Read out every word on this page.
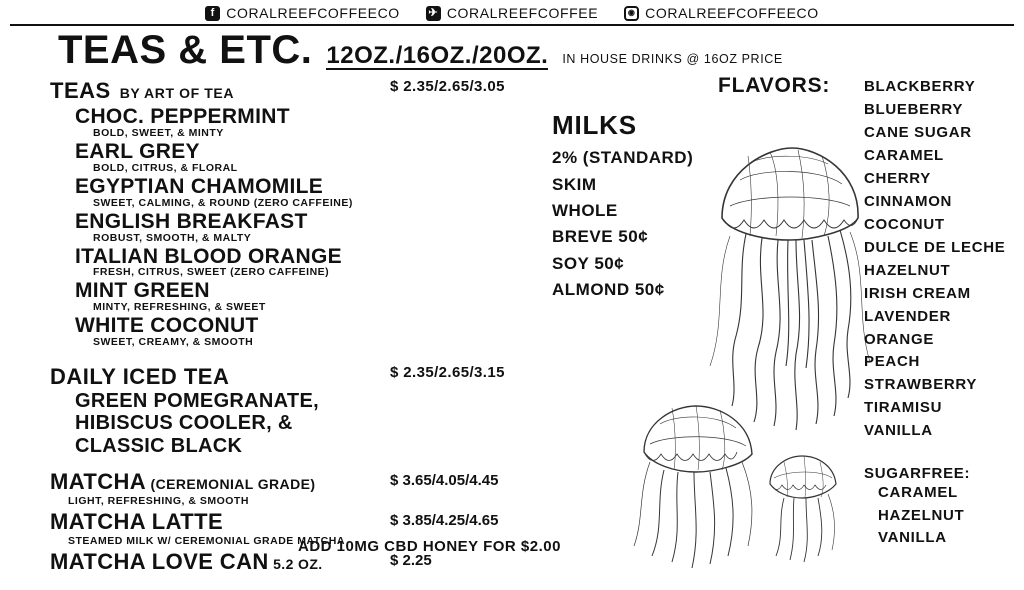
f CORALREEFCOFFEECO	✈ CORALREEFCOFFEE	◉ CORALREEFCOFFEECO
TEAS & ETC. 12OZ./16OZ./20OZ. IN HOUSE DRINKS @ 16OZ PRICE
TEAS BY ART OF TEA	$ 2.35/2.65/3.05
CHOC. PEPPERMINT
BOLD, SWEET, & MINTY
EARL GREY
BOLD, CITRUS, & FLORAL
EGYPTIAN CHAMOMILE
SWEET, CALMING, & ROUND (ZERO CAFFEINE)
ENGLISH BREAKFAST
ROBUST, SMOOTH, & MALTY
ITALIAN BLOOD ORANGE
FRESH, CITRUS, SWEET (ZERO CAFFEINE)
MINT GREEN
MINTY, REFRESHING, & SWEET
WHITE COCONUT
SWEET, CREAMY, & SMOOTH
DAILY ICED TEA	$ 2.35/2.65/3.15
GREEN POMEGRANATE,
HIBISCUS COOLER, &
CLASSIC BLACK
MATCHA (CEREMONIAL GRADE)	$ 3.65/4.05/4.45
LIGHT, REFRESHING, & SMOOTH
MATCHA LATTE	$ 3.85/4.25/4.65
STEAMED MILK W/ CEREMONIAL GRADE MATCHA
MATCHA LOVE CAN 5.2 OZ.	$ 2.25
ADD 10MG CBD HONEY FOR $2.00
MILKS
2% (STANDARD)
SKIM
WHOLE
BREVE 50¢
SOY 50¢
ALMOND 50¢
FLAVORS: BLACKBERRY
BLUEBERRY
CANE SUGAR
CARAMEL
CHERRY
CINNAMON
COCONUT
DULCE DE LECHE
HAZELNUT
IRISH CREAM
LAVENDER
ORANGE
PEACH
STRAWBERRY
TIRAMISU
VANILLA
SUGARFREE:
CARAMEL
HAZELNUT
VANILLA
